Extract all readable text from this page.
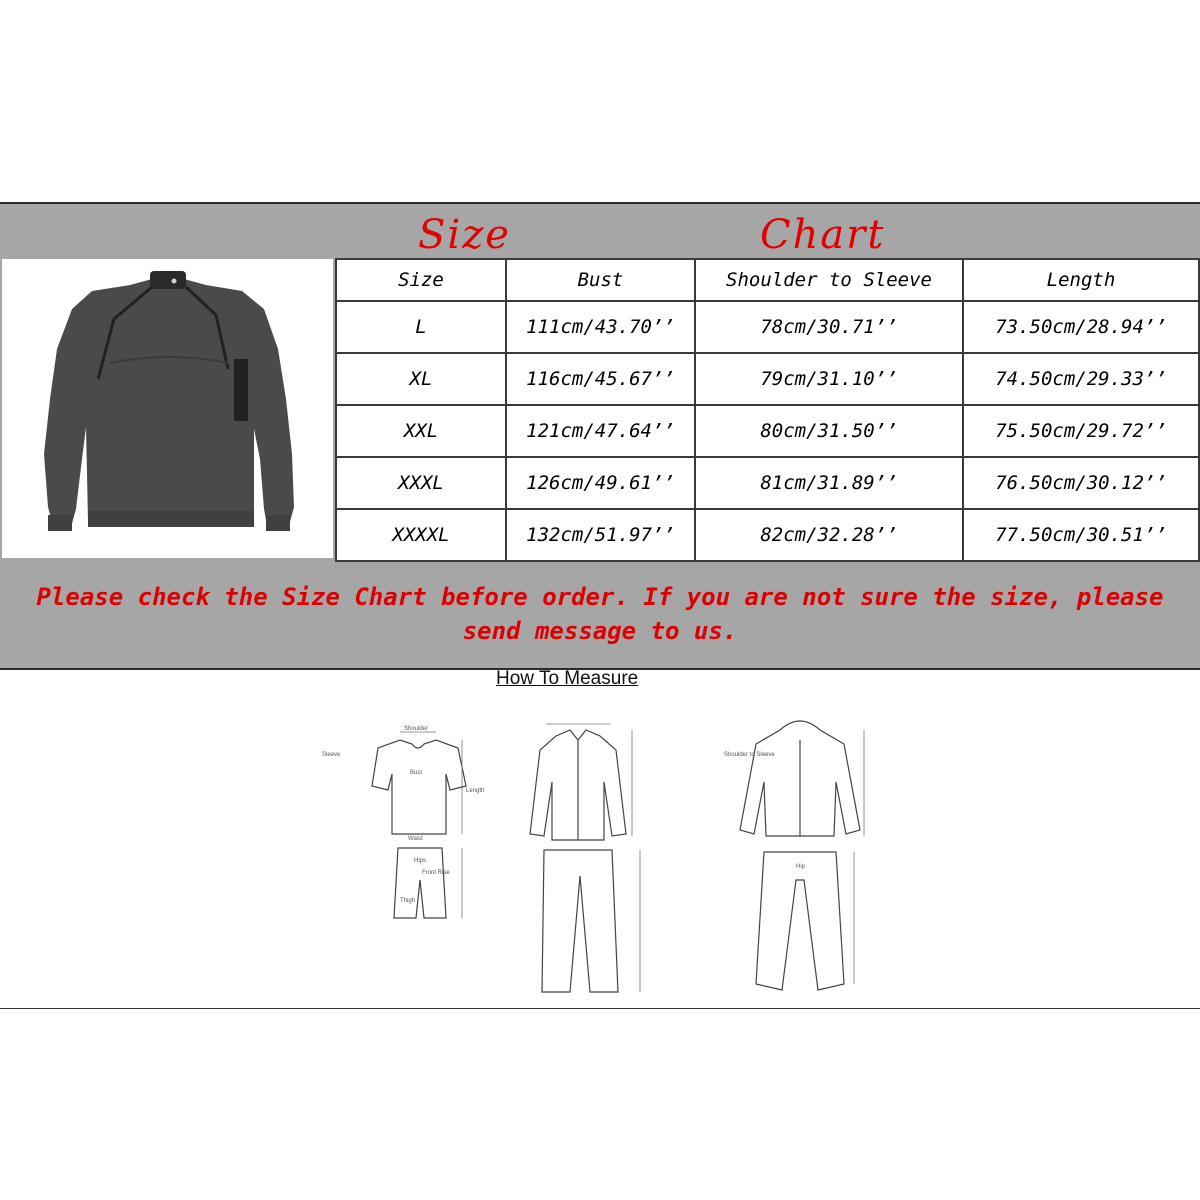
Size	Chart
Size	Bust	Shoulder to Sleeve	Length
L	111cm/43.70’’	78cm/30.71’’	73.50cm/28.94’’
XL	116cm/45.67’’	79cm/31.10’’	74.50cm/29.33’’
XXL	121cm/47.64’’	80cm/31.50’’	75.50cm/29.72’’
XXXL	126cm/49.61’’	81cm/31.89’’	76.50cm/30.12’’
XXXXL	132cm/51.97’’	82cm/32.28’’	77.50cm/30.51’’
Please check the Size Chart before order. If you are not sure the size, please
send message to us.
How To Measure
Shoulder
Bust
Waist
Length
Hips
Front Rise
Thigh
Sleeve	Shoulder to Sleeve
Hip
